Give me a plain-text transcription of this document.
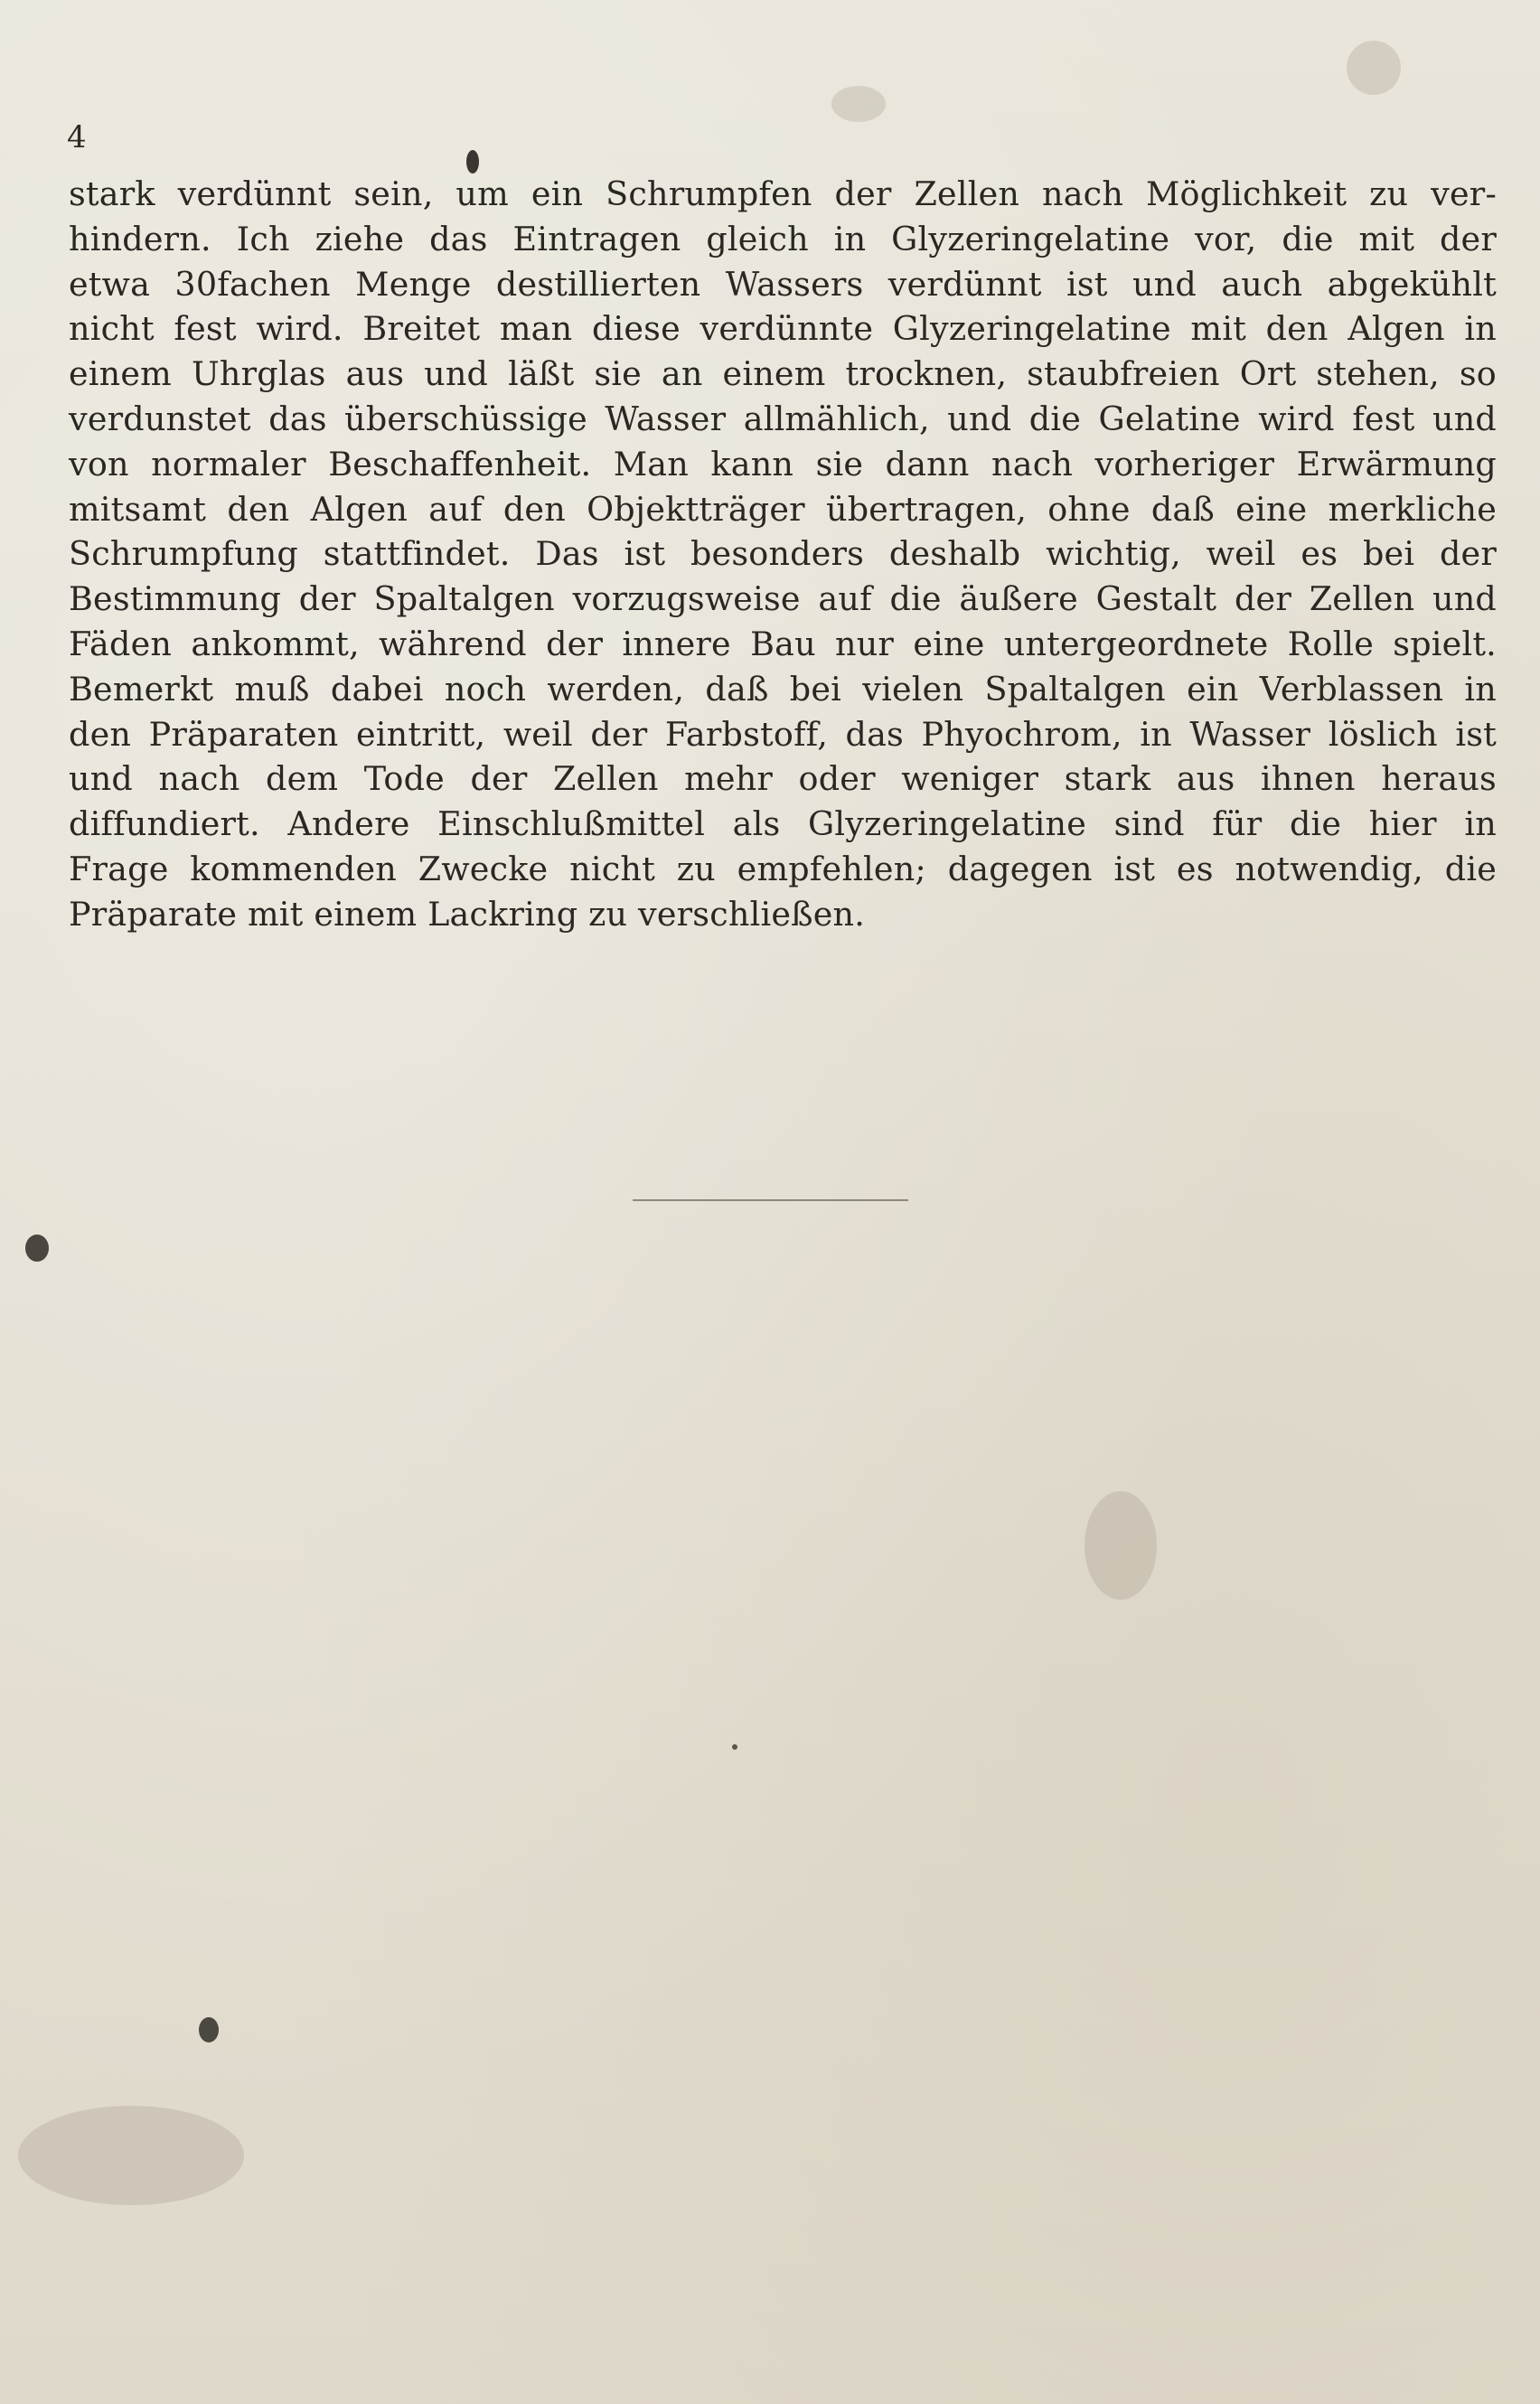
4
stark verdünnt sein, um ein Schrumpfen der Zellen nach Möglichkeit zu ver-
hindern. Ich ziehe das Eintragen gleich in Glyzeringelatine vor, die mit der
etwa 30fachen Menge destillierten Wassers verdünnt ist und auch abgekühlt
nicht fest wird. Breitet man diese verdünnte Glyzeringelatine mit den Algen in
einem Uhrglas aus und läßt sie an einem trocknen, staubfreien Ort stehen, so
verdunstet das überschüssige Wasser allmählich, und die Gelatine wird fest und
von normaler Beschaffenheit. Man kann sie dann nach vorheriger Erwärmung
mitsamt den Algen auf den Objektträger übertragen, ohne daß eine merkliche
Schrumpfung stattfindet. Das ist besonders deshalb wichtig, weil es bei der
Bestimmung der Spaltalgen vorzugsweise auf die äußere Gestalt der Zellen und
Fäden ankommt, während der innere Bau nur eine untergeordnete Rolle spielt.
Bemerkt muß dabei noch werden, daß bei vielen Spaltalgen ein Verblassen in
den Präparaten eintritt, weil der Farbstoff, das Phyochrom, in Wasser löslich ist
und nach dem Tode der Zellen mehr oder weniger stark aus ihnen heraus
diffundiert. Andere Einschlußmittel als Glyzeringelatine sind für die hier in
Frage kommenden Zwecke nicht zu empfehlen; dagegen ist es notwendig, die
Präparate mit einem Lackring zu verschließen.
